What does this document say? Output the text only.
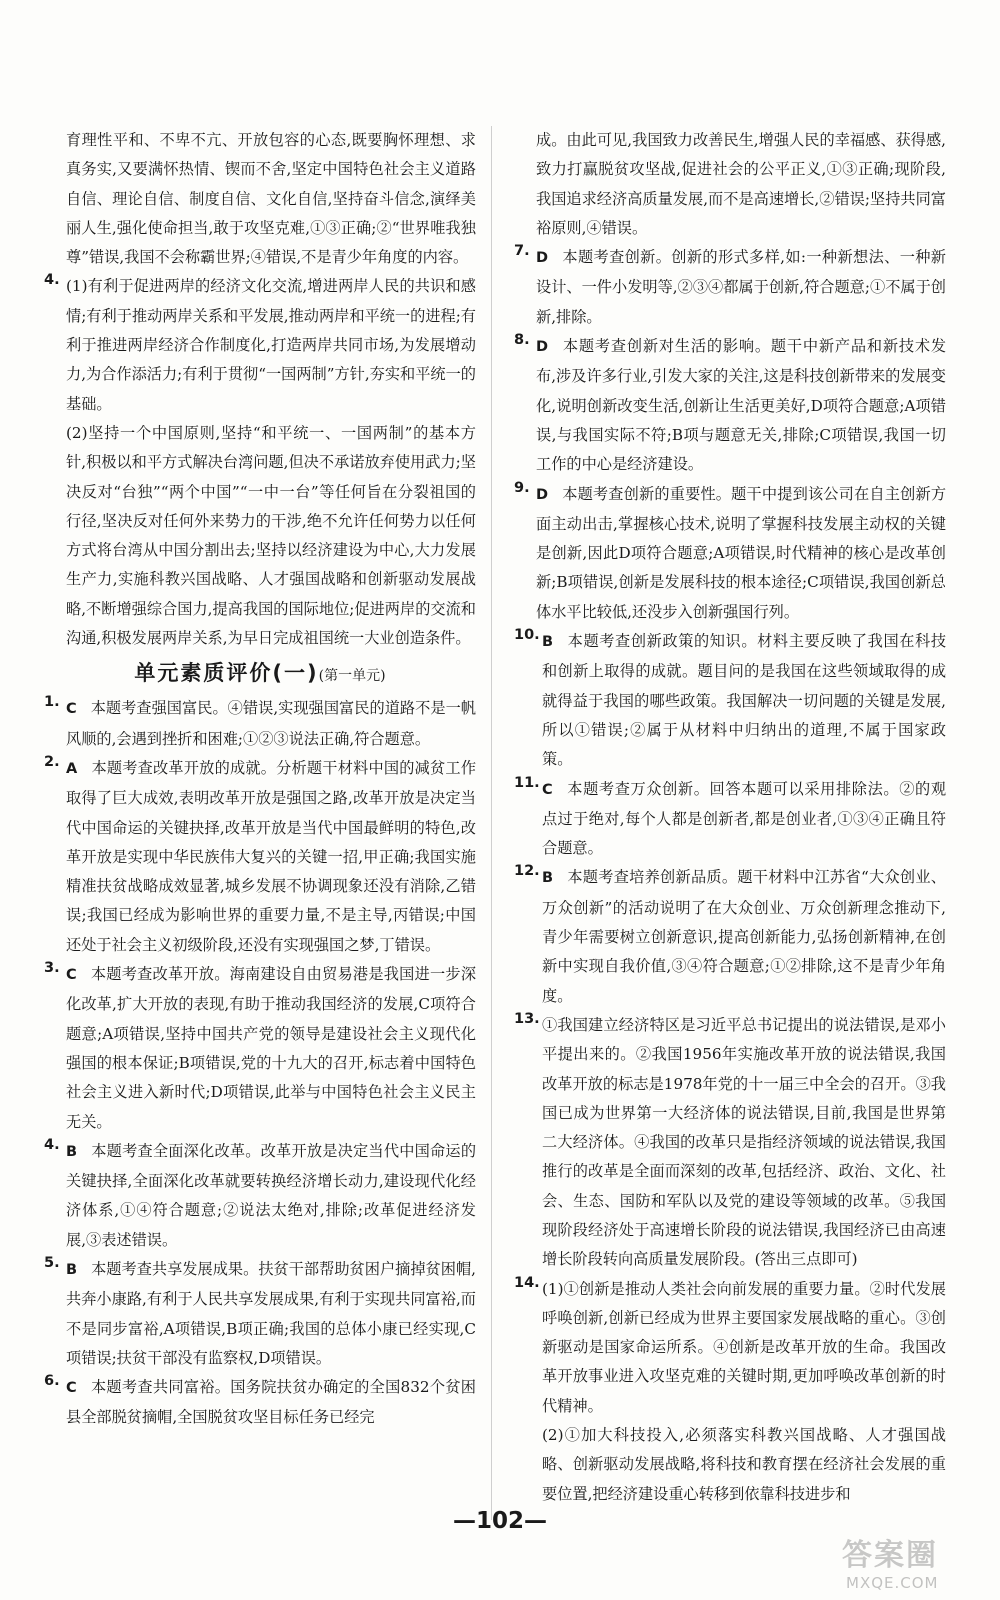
育理性平和、不卑不亢、开放包容的心态,既要胸怀理想、求真务实,又要满怀热情、锲而不舍,坚定中国特色社会主义道路自信、理论自信、制度自信、文化自信,坚持奋斗信念,演绎美丽人生,强化使命担当,敢于攻坚克难,①③正确;②“世界唯我独尊”错误,我国不会称霸世界;④错误,不是青少年角度的内容。

4. (1)有利于促进两岸的经济文化交流,增进两岸人民的共识和感情;有利于推动两岸关系和平发展,推动两岸和平统一的进程;有利于推进两岸经济合作制度化,打造两岸共同市场,为发展增动力,为合作添活力;有利于贯彻“一国两制”方针,夯实和平统一的基础。

(2)坚持一个中国原则,坚持“和平统一、一国两制”的基本方针,积极以和平方式解决台湾问题,但决不承诺放弃使用武力;坚决反对“台独”“两个中国”“一中一台”等任何旨在分裂祖国的行径,坚决反对任何外来势力的干涉,绝不允许任何势力以任何方式将台湾从中国分割出去;坚持以经济建设为中心,大力发展生产力,实施科教兴国战略、人才强国战略和创新驱动发展战略,不断增强综合国力,提高我国的国际地位;促进两岸的交流和沟通,积极发展两岸关系,为早日完成祖国统一大业创造条件。

单元素质评价(一)(第一单元)
1. C 本题考查强国富民。④错误,实现强国富民的道路不是一帆风顺的,会遇到挫折和困难;①②③说法正确,符合题意。

2. A 本题考查改革开放的成就。分析题干材料中国的减贫工作取得了巨大成效,表明改革开放是强国之路,改革开放是决定当代中国命运的关键抉择,改革开放是当代中国最鲜明的特色,改革开放是实现中华民族伟大复兴的关键一招,甲正确;我国实施精准扶贫战略成效显著,城乡发展不协调现象还没有消除,乙错误;我国已经成为影响世界的重要力量,不是主导,丙错误;中国还处于社会主义初级阶段,还没有实现强国之梦,丁错误。

3. C 本题考查改革开放。海南建设自由贸易港是我国进一步深化改革,扩大开放的表现,有助于推动我国经济的发展,C项符合题意;A项错误,坚持中国共产党的领导是建设社会主义现代化强国的根本保证;B项错误,党的十九大的召开,标志着中国特色社会主义进入新时代;D项错误,此举与中国特色社会主义民主无关。

4. B 本题考查全面深化改革。改革开放是决定当代中国命运的关键抉择,全面深化改革就要转换经济增长动力,建设现代化经济体系,①④符合题意;②说法太绝对,排除;改革促进经济发展,③表述错误。

5. B 本题考查共享发展成果。扶贫干部帮助贫困户摘掉贫困帽,共奔小康路,有利于人民共享发展成果,有利于实现共同富裕,而不是同步富裕,A项错误,B项正确;我国的总体小康已经实现,C项错误;扶贫干部没有监察权,D项错误。

6. C 本题考查共同富裕。国务院扶贫办确定的全国832个贫困县全部脱贫摘帽,全国脱贫攻坚目标任务已经完

成。由此可见,我国致力改善民生,增强人民的幸福感、获得感,致力打赢脱贫攻坚战,促进社会的公平正义,①③正确;现阶段,我国追求经济高质量发展,而不是高速增长,②错误;坚持共同富裕原则,④错误。

7. D 本题考查创新。创新的形式多样,如:一种新想法、一种新设计、一件小发明等,②③④都属于创新,符合题意;①不属于创新,排除。

8. D 本题考查创新对生活的影响。题干中新产品和新技术发布,涉及许多行业,引发大家的关注,这是科技创新带来的发展变化,说明创新改变生活,创新让生活更美好,D项符合题意;A项错误,与我国实际不符;B项与题意无关,排除;C项错误,我国一切工作的中心是经济建设。

9. D 本题考查创新的重要性。题干中提到该公司在自主创新方面主动出击,掌握核心技术,说明了掌握科技发展主动权的关键是创新,因此D项符合题意;A项错误,时代精神的核心是改革创新;B项错误,创新是发展科技的根本途径;C项错误,我国创新总体水平比较低,还没步入创新强国行列。

10. B 本题考查创新政策的知识。材料主要反映了我国在科技和创新上取得的成就。题目问的是我国在这些领域取得的成就得益于我国的哪些政策。我国解决一切问题的关键是发展,所以①错误;②属于从材料中归纳出的道理,不属于国家政策。

11. C 本题考查万众创新。回答本题可以采用排除法。②的观点过于绝对,每个人都是创新者,都是创业者,①③④正确且符合题意。

12. B 本题考查培养创新品质。题干材料中江苏省“大众创业、万众创新”的活动说明了在大众创业、万众创新理念推动下,青少年需要树立创新意识,提高创新能力,弘扬创新精神,在创新中实现自我价值,③④符合题意;①②排除,这不是青少年角度。

13. ①我国建立经济特区是习近平总书记提出的说法错误,是邓小平提出来的。②我国1956年实施改革开放的说法错误,我国改革开放的标志是1978年党的十一届三中全会的召开。③我国已成为世界第一大经济体的说法错误,目前,我国是世界第二大经济体。④我国的改革只是指经济领域的说法错误,我国推行的改革是全面而深刻的改革,包括经济、政治、文化、社会、生态、国防和军队以及党的建设等领域的改革。⑤我国现阶段经济处于高速增长阶段的说法错误,我国经济已由高速增长阶段转向高质量发展阶段。(答出三点即可)

14. (1)①创新是推动人类社会向前发展的重要力量。②时代发展呼唤创新,创新已经成为世界主要国家发展战略的重心。③创新驱动是国家命运所系。④创新是改革开放的生命。我国改革开放事业进入攻坚克难的关键时期,更加呼唤改革创新的时代精神。

(2)①加大科技投入,必须落实科教兴国战略、人才强国战略、创新驱动发展战略,将科技和教育摆在经济社会发展的重要位置,把经济建设重心转移到依靠科技进步和

—102—
答案圈
MXQE.COM
